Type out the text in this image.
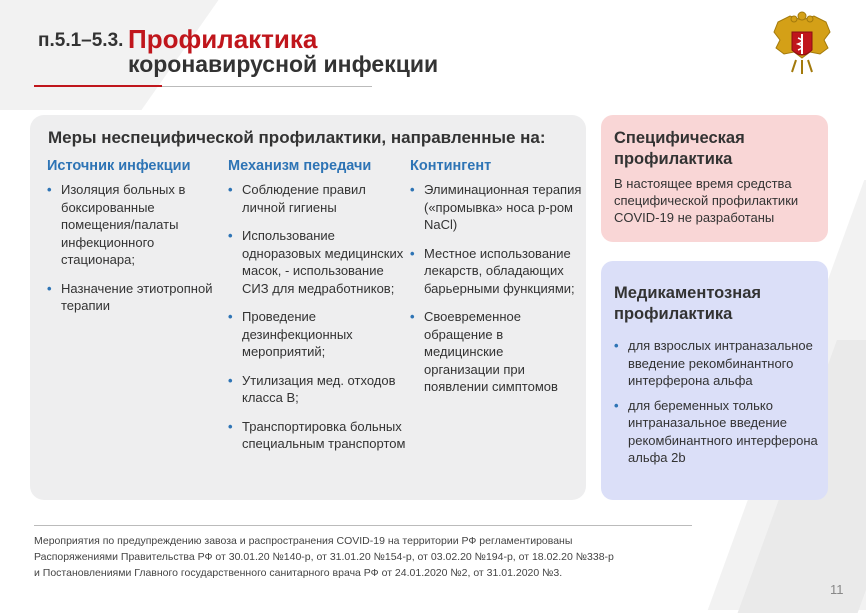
п.5.1–5.3. Профилактика
коронавирусной инфекции
Меры неспецифической профилактики, направленные на:
Источник инфекции
• Изоляция больных в боксированные помещения/палаты инфекционного стационара;
• Назначение этиотропной терапии
Механизм передачи
• Соблюдение правил личной гигиены
• Использование одноразовых медицинских масок, - использование СИЗ для медработников;
• Проведение дезинфекционных мероприятий;
• Утилизация мед. отходов класса В;
• Транспортировка больных специальным транспортом
Контингент
• Элиминационная терапия («промывка» носа р-ром NaCl)
• Местное использование лекарств, обладающих барьерными функциями;
• Своевременное обращение в медицинские организации при появлении симптомов
Специфическая профилактика
В настоящее время средства специфической профилактики COVID-19 не разработаны
Медикаментозная профилактика
• для взрослых интраназальное введение рекомбинантного интерферона альфа
• для беременных только интраназальное введение рекомбинантного интерферона альфа 2b
Мероприятия по предупреждению завоза и распространения COVID-19 на территории РФ регламентированы
Распоряжениями Правительства РФ от 30.01.20 №140-р, от 31.01.20 №154-р, от 03.02.20 №194-р, от 18.02.20 №338-р
и Постановлениями Главного государственного санитарного врача РФ от 24.01.2020 №2, от 31.01.2020 №3.
11
